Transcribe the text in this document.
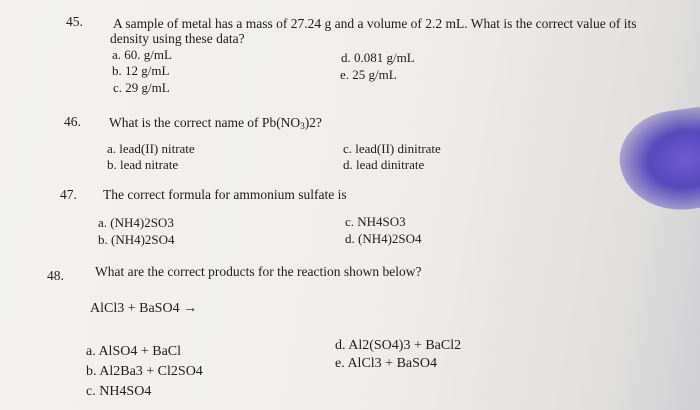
45. A sample of metal has a mass of 27.24 g and a volume of 2.2 mL. What is the correct value of its
density using these data?
a. 60. g/mL
b. 12 g/mL
c. 29 g/mL
d. 0.081 g/mL
e. 25 g/mL
46. What is the correct name of $Pb(NO_3)2$?
a. lead(II) nitrate
b. lead nitrate
c. lead(II) dinitrate
d. lead dinitrate
47. The correct formula for ammonium sulfate is
a. (NH4)2SO3
b. (NH4)2SO4
c. NH4SO3
d. (NH4)2SO4
48. What are the correct products for the reaction shown below?
AlCl3 + BaSO4 →
a. AlSO4 + BaCl
b. Al2Ba3 + Cl2SO4
c. NH4SO4
d. Al2(SO4)3 + BaCl2
e. AlCl3 + BaSO4
